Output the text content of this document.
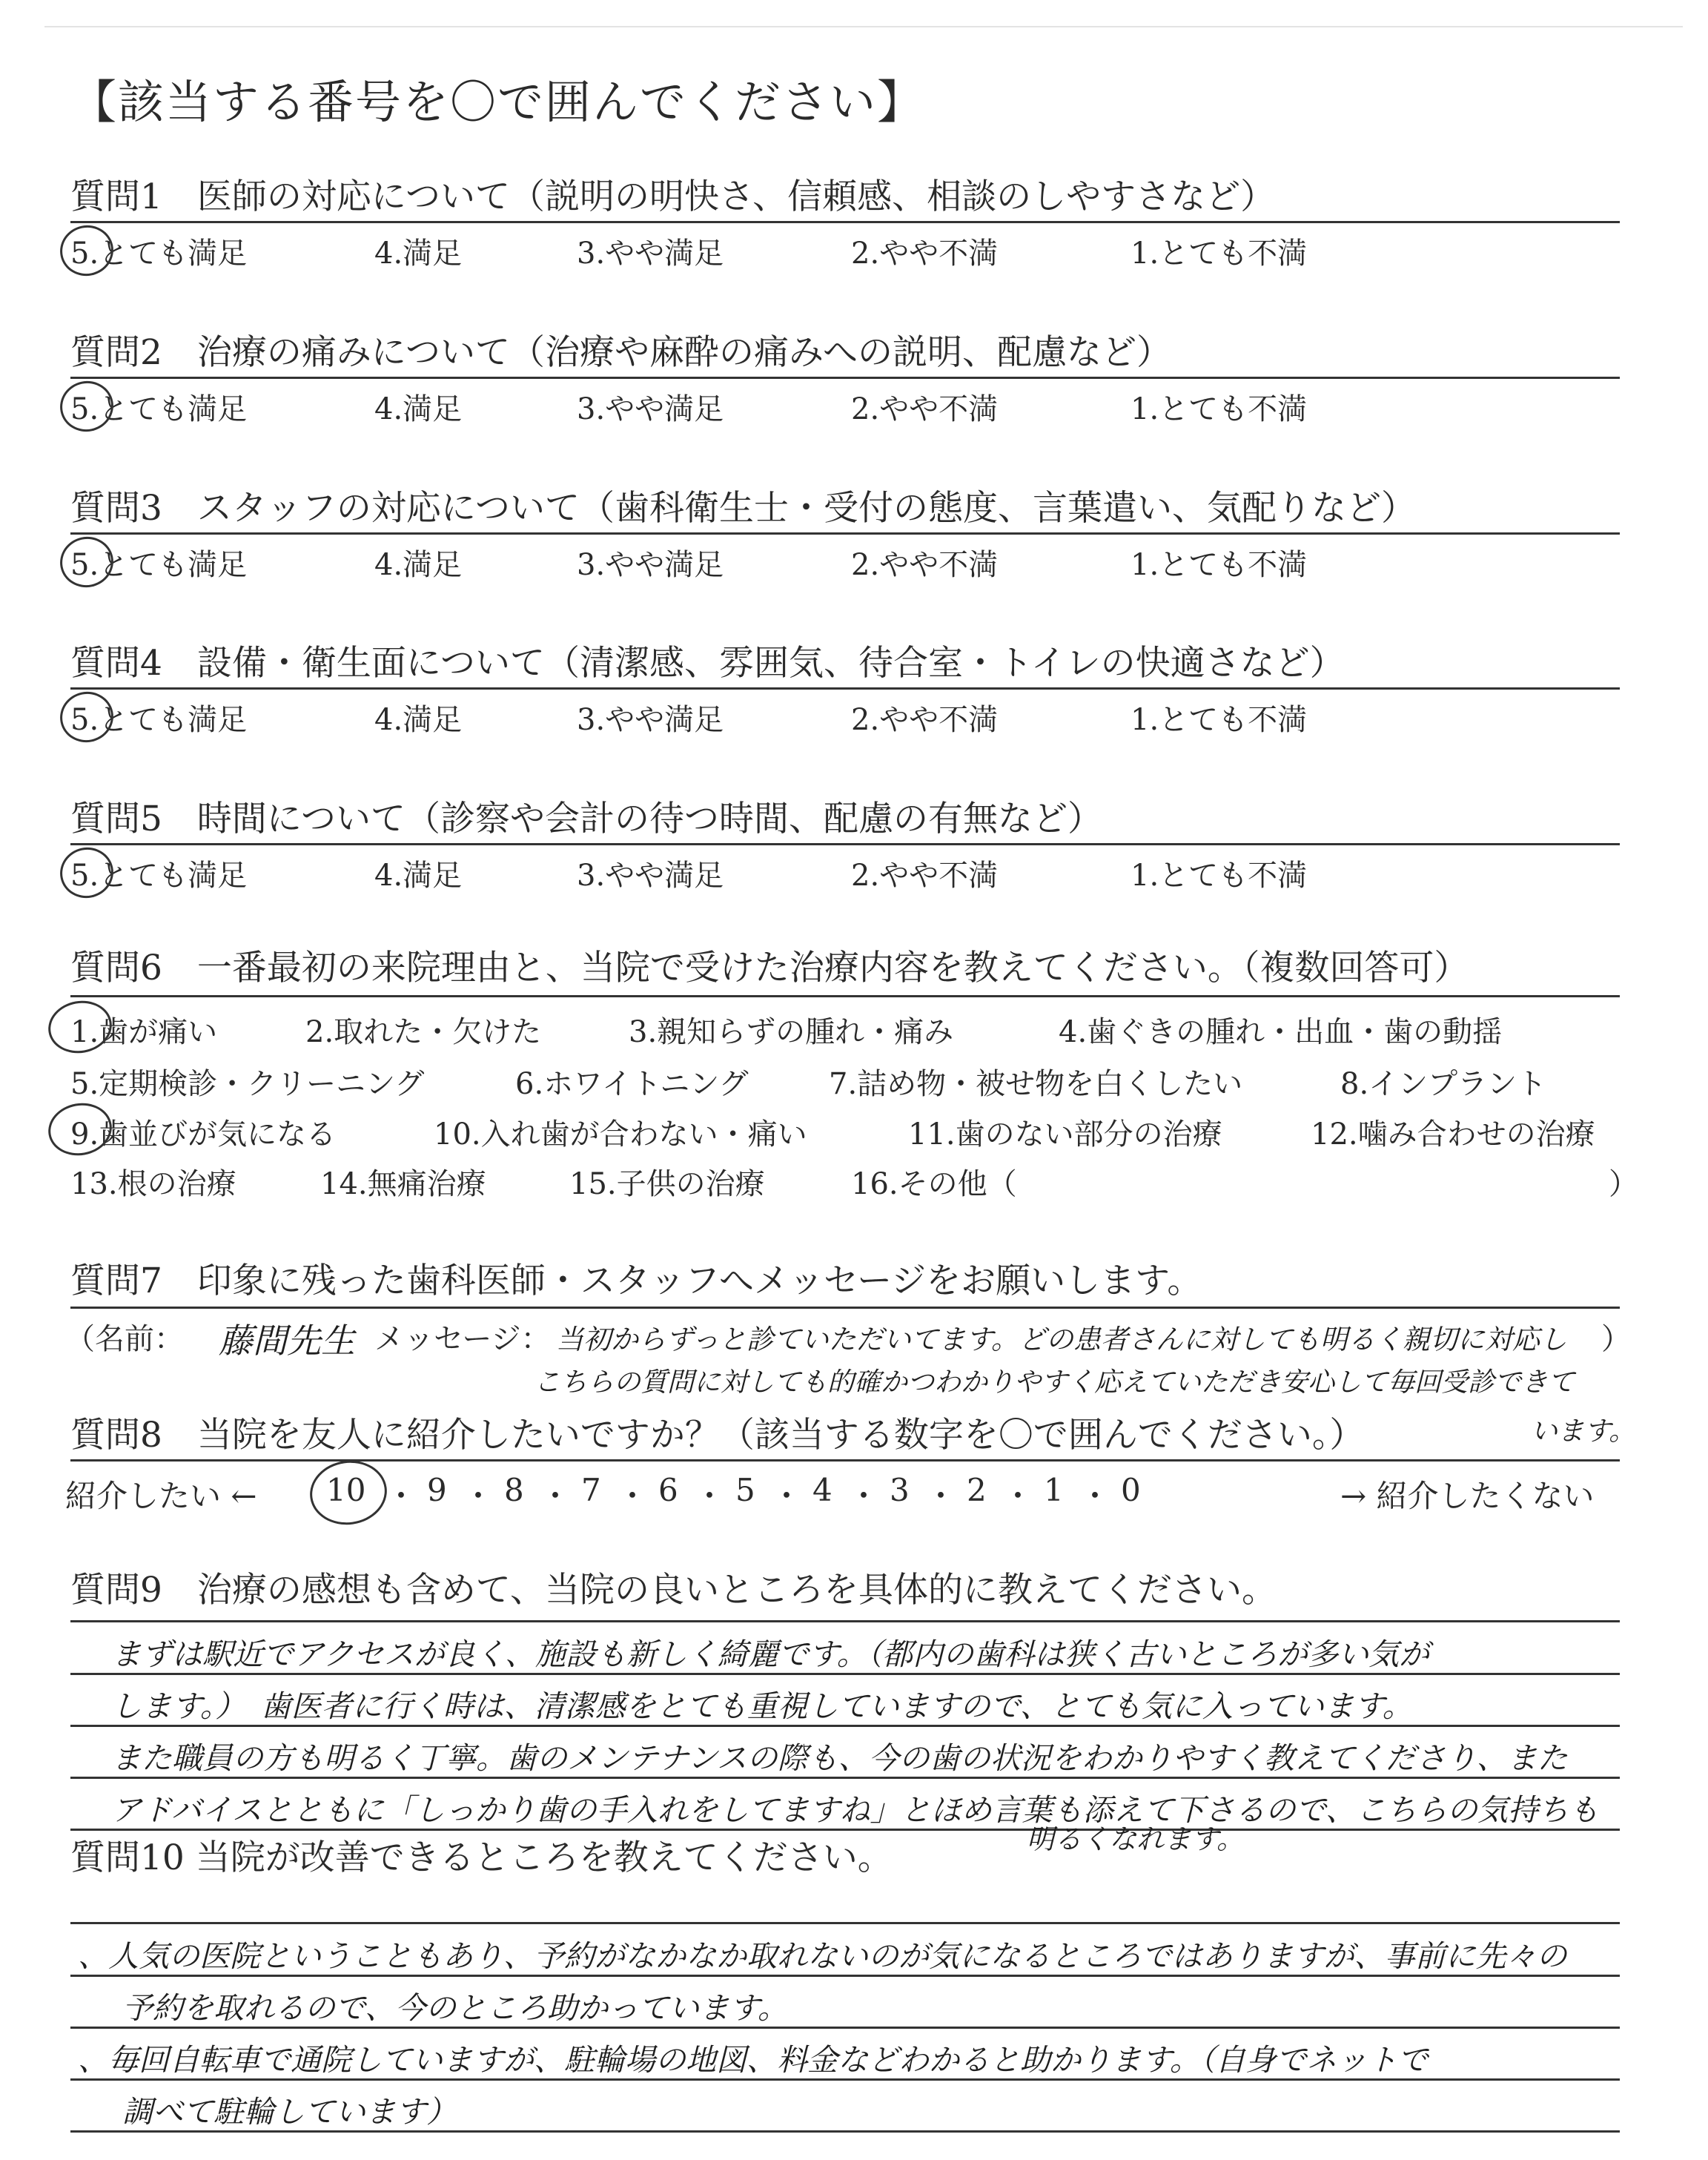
【該当する番号を〇で囲んでください】
質問1　医師の対応について（説明の明快さ、信頼感、相談のしやすさなど）
5.とても満足	4.満足	3.やや満足	2.やや不満	1.とても不満
質問2　治療の痛みについて（治療や麻酔の痛みへの説明、配慮など）
5.とても満足	4.満足	3.やや満足	2.やや不満	1.とても不満
質問3　スタッフの対応について（歯科衛生士・受付の態度、言葉遣い、気配りなど）
5.とても満足	4.満足	3.やや満足	2.やや不満	1.とても不満
質問4　設備・衛生面について（清潔感、雰囲気、待合室・トイレの快適さなど）
5.とても満足	4.満足	3.やや満足	2.やや不満	1.とても不満
質問5　時間について（診察や会計の待つ時間、配慮の有無など）
5.とても満足	4.満足	3.やや満足	2.やや不満	1.とても不満
質問6　一番最初の来院理由と、当院で受けた治療内容を教えてください。（複数回答可）
1.歯が痛い	2.取れた・欠けた	3.親知らずの腫れ・痛み	4.歯ぐきの腫れ・出血・歯の動揺
5.定期検診・クリーニング	6.ホワイトニング	7.詰め物・被せ物を白くしたい	8.インプラント
9.歯並びが気になる	10.入れ歯が合わない・痛い	11.歯のない部分の治療	12.噛み合わせの治療
13.根の治療	14.無痛治療	15.子供の治療	16.その他（	）
質問7　印象に残った歯科医師・スタッフへメッセージをお願いします。
（名前： 藤間先生 メッセージ： 当初からずっと診ていただいてます。どの患者さんに対しても明るく親切に対応し ）
こちらの質問に対しても的確かつわかりやすく応えていただき安心して毎回受診できて
質問8　当院を友人に紹介したいですか？（該当する数字を〇で囲んでください。）	います。
紹介したい ← 10 ・ 9 ・ 8 ・ 7 ・ 6 ・ 5 ・ 4 ・ 3 ・ 2 ・ 1 ・ 0	→ 紹介したくない
質問9　治療の感想も含めて、当院の良いところを具体的に教えてください。
まずは駅近でアクセスが良く、施設も新しく綺麗です。（都内の歯科は狭く古いところが多い気が
します。）　歯医者に行く時は、清潔感をとても重視していますので、とても気に入っています。
また職員の方も明るく丁寧。歯のメンテナンスの際も、今の歯の状況をわかりやすく教えてくださり、また
アドバイスとともに「しっかり歯の手入れをしてますね」とほめ言葉も添えて下さるので、こちらの気持ちも
明るくなれます。
質問10 当院が改善できるところを教えてください。
、人気の医院ということもあり、予約がなかなか取れないのが気になるところではありますが、事前に先々の
予約を取れるので、今のところ助かっています。
、毎回自転車で通院していますが、駐輪場の地図、料金などわかると助かります。（自身でネットで
調べて駐輪しています）
